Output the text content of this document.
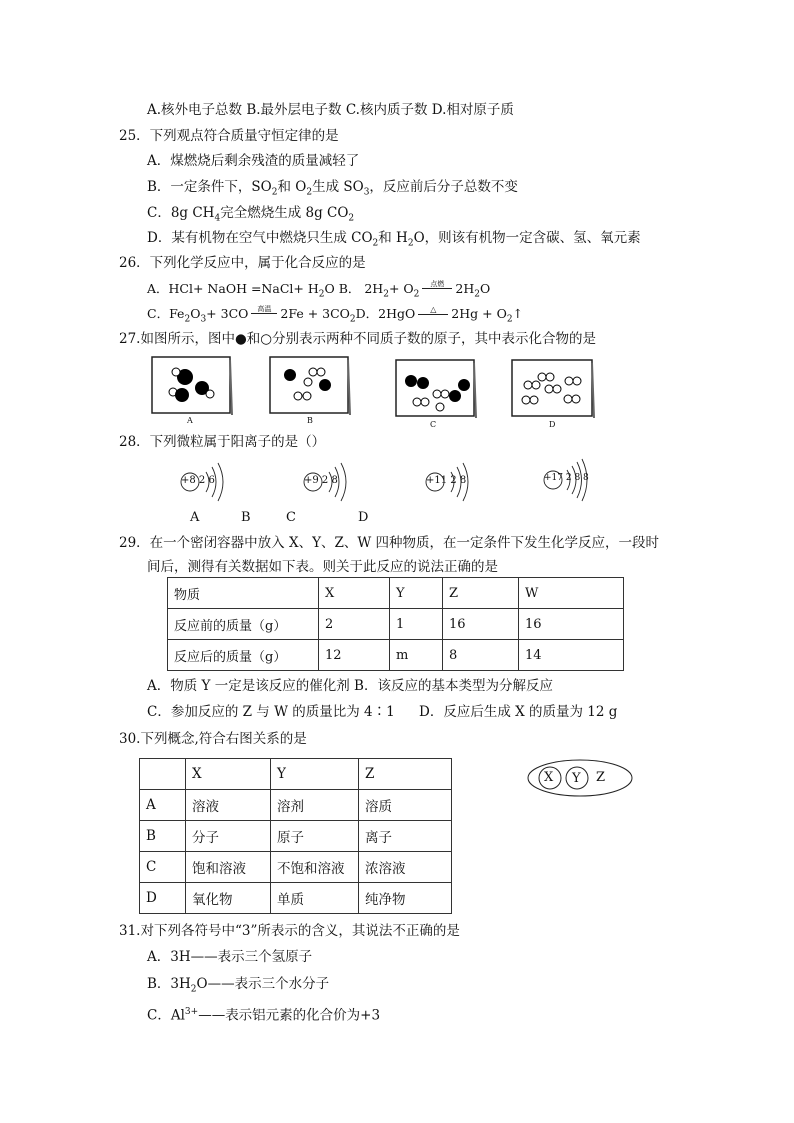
A.核外电子总数 B.最外层电子数 C.核内质子数 D.相对原子质
25．下列观点符合质量守恒定律的是
A．煤燃烧后剩余残渣的质量减轻了
B．一定条件下，$SO_2$和 $O_2$生成 $SO_3$，反应前后分子总数不变
C．8g $CH_4$完全燃烧生成 8g $CO_2$
D．某有机物在空气中燃烧只生成 $CO_2$和 $H_2O$，则该有机物一定含碳、氢、氧元素
26．下列化学反应中，属于化合反应的是
A．HCl+ NaOH =NaCl+ $H_2O$ B． $2H_2+ O_2$点燃 $2H_2O$
C．$Fe_2O_3+ 3CO$ 高温 $2Fe + 3CO_2D$．2HgO △ $2Hg + O_2↑$
27.如图所示，图中●和○分别表示两种不同质子数的原子，其中表示化合物的是
A	B	C	D
28．下列微粒属于阳离子的是（）
+8 2 6	+9 2 8	+11 2 8	+17 2 8 8
A	B	C	D
29．在一个密闭容器中放入 X、Y、Z、W 四种物质，在一定条件下发生化学反应，一段时
间后，测得有关数据如下表。则关于此反应的说法正确的是
物质	X	Y	Z	W
反应前的质量（g）	2	1	16	16
反应后的质量（g）	12	m	8	14
A．物质 Y 一定是该反应的催化剂 B．该反应的基本类型为分解反应
C．参加反应的 Z 与 W 的质量比为 4∶1 D．反应后生成 X 的质量为 12 g
30.下列概念,符合右图关系的是
	X	Y	Z
A	溶液	溶剂	溶质
B	分子	原子	离子
C	饱和溶液	不饱和溶液	浓溶液
D	氧化物	单质	纯净物
X Y Z
31.对下列各符号中“3”所表示的含义，其说法不正确的是
A．3H——表示三个氢原子
B．$3H_2O——$表示三个水分子
C．$Al^{3+}——$表示铝元素的化合价为+3
